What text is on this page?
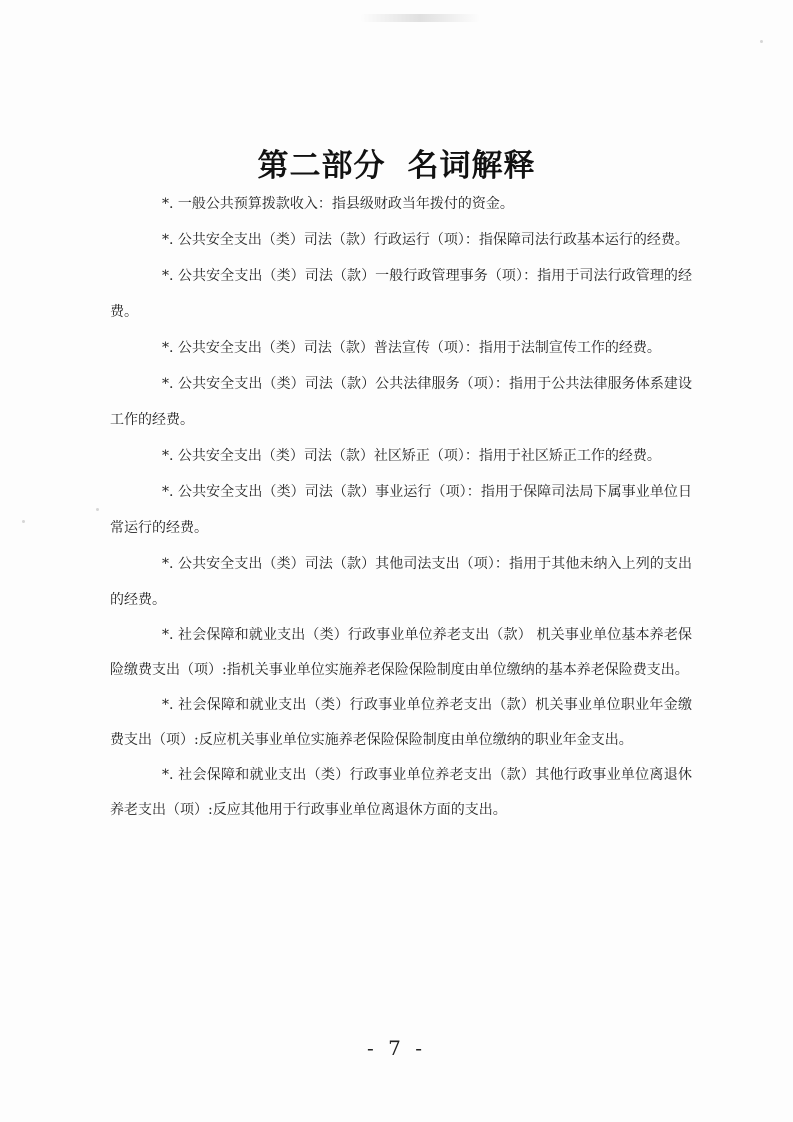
第二部分 名词解释

*. 一般公共预算拨款收入：指县级财政当年拨付的资金。

*. 公共安全支出（类）司法（款）行政运行（项）：指保障司法行政基本运行的经费。

*. 公共安全支出（类）司法（款）一般行政管理事务（项）：指用于司法行政管理的经费。

*. 公共安全支出（类）司法（款）普法宣传（项）：指用于法制宣传工作的经费。

*. 公共安全支出（类）司法（款）公共法律服务（项）：指用于公共法律服务体系建设工作的经费。

*. 公共安全支出（类）司法（款）社区矫正（项）：指用于社区矫正工作的经费。

*. 公共安全支出（类）司法（款）事业运行（项）：指用于保障司法局下属事业单位日常运行的经费。

*. 公共安全支出（类）司法（款）其他司法支出（项）：指用于其他未纳入上列的支出的经费。

*. 社会保障和就业支出（类）行政事业单位养老支出（款） 机关事业单位基本养老保险缴费支出（项）:指机关事业单位实施养老保险保险制度由单位缴纳的基本养老保险费支出。

*. 社会保障和就业支出（类）行政事业单位养老支出（款）机关事业单位职业年金缴费支出（项）:反应机关事业单位实施养老保险保险制度由单位缴纳的职业年金支出。

*. 社会保障和就业支出（类）行政事业单位养老支出（款）其他行政事业单位离退休养老支出（项）:反应其他用于行政事业单位离退休方面的支出。

- 7 -
